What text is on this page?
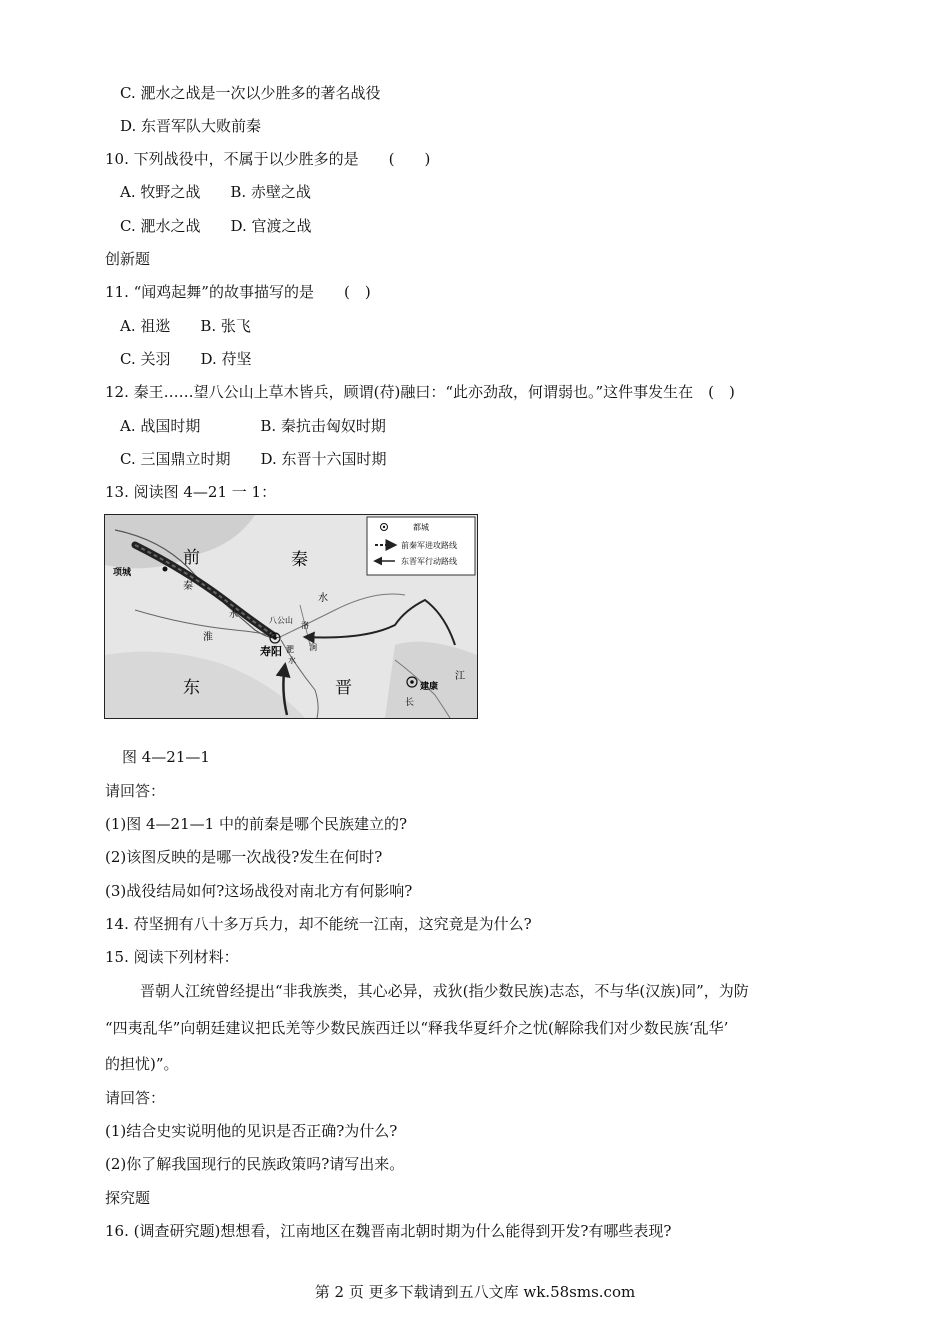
C. 淝水之战是一次以少胜多的著名战役
D. 东晋军队大败前秦
10. 下列战役中，不属于以少胜多的是　　(　　)
A. 牧野之战　　B. 赤壁之战
C. 淝水之战　　D. 官渡之战
创新题
11. “闻鸡起舞”的故事描写的是　　(　)
A. 祖逖　　B. 张飞
C. 关羽　　D. 苻坚
12. 秦王……望八公山上草木皆兵，顾谓(苻)融曰：“此亦劲敌，何谓弱也。”这件事发生在　(　)
A. 战国时期　　　　B. 秦抗击匈奴时期
C. 三国鼎立时期　　D. 东晋十六国时期
13. 阅读图 4—21 一 1：
都城
前秦军进攻路线
东晋军行动路线
前
秦
秦
东	晋
项城
寿阳
建康
八公山
水
水
淮
洛
涧
淝
水
江
长
图 4—21—1
请回答：
(1)图 4—21—1 中的前秦是哪个民族建立的?
(2)该图反映的是哪一次战役?发生在何时?
(3)战役结局如何?这场战役对南北方有何影响?
14. 苻坚拥有八十多万兵力，却不能统一江南，这究竟是为什么?
15. 阅读下列材料：
晋朝人江统曾经提出“非我族类，其心必异，戎狄(指少数民族)志态，不与华(汉族)同”，为防
“四夷乱华”向朝廷建议把氐羌等少数民族西迁以“释我华夏纤介之忧(解除我们对少数民族‘乱华’
的担忧)”。
请回答：
(1)结合史实说明他的见识是否正确?为什么?
(2)你了解我国现行的民族政策吗?请写出来。
探究题
16. (调查研究题)想想看，江南地区在魏晋南北朝时期为什么能得到开发?有哪些表现?
第 2 页 更多下载请到五八文库 wk.58sms.com
